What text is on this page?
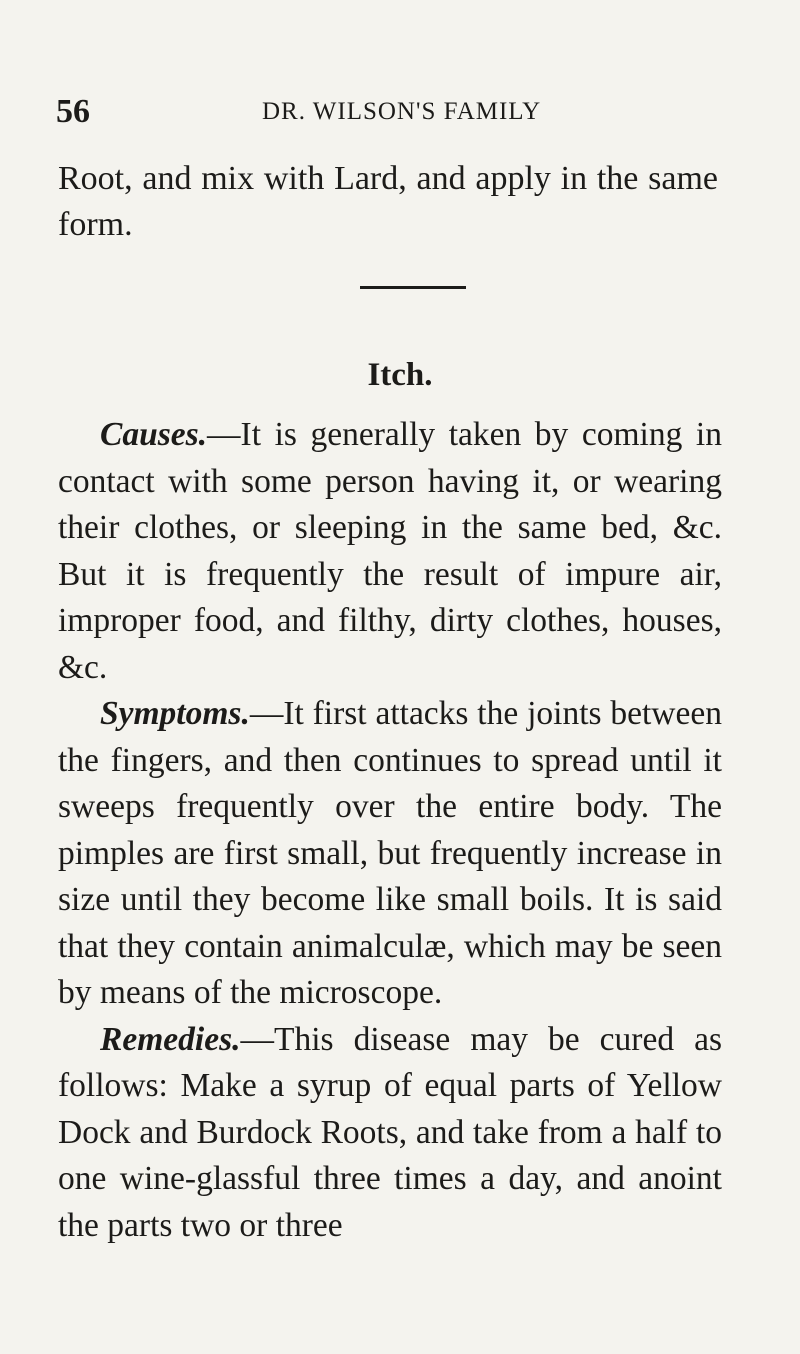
56	DR. WILSON'S FAMILY

Root, and mix with Lard, and apply in the same form.

Itch.

Causes.—It is generally taken by coming in contact with some person having it, or wearing their clothes, or sleeping in the same bed, &c. But it is frequently the result of impure air, improper food, and filthy, dirty clothes, houses, &c.

Symptoms.—It first attacks the joints between the fingers, and then continues to spread until it sweeps frequently over the entire body. The pimples are first small, but frequently increase in size until they become like small boils. It is said that they contain animalculæ, which may be seen by means of the microscope.

Remedies.—This disease may be cured as follows: Make a syrup of equal parts of Yellow Dock and Burdock Roots, and take from a half to one wine-glassful three times a day, and anoint the parts two or three
